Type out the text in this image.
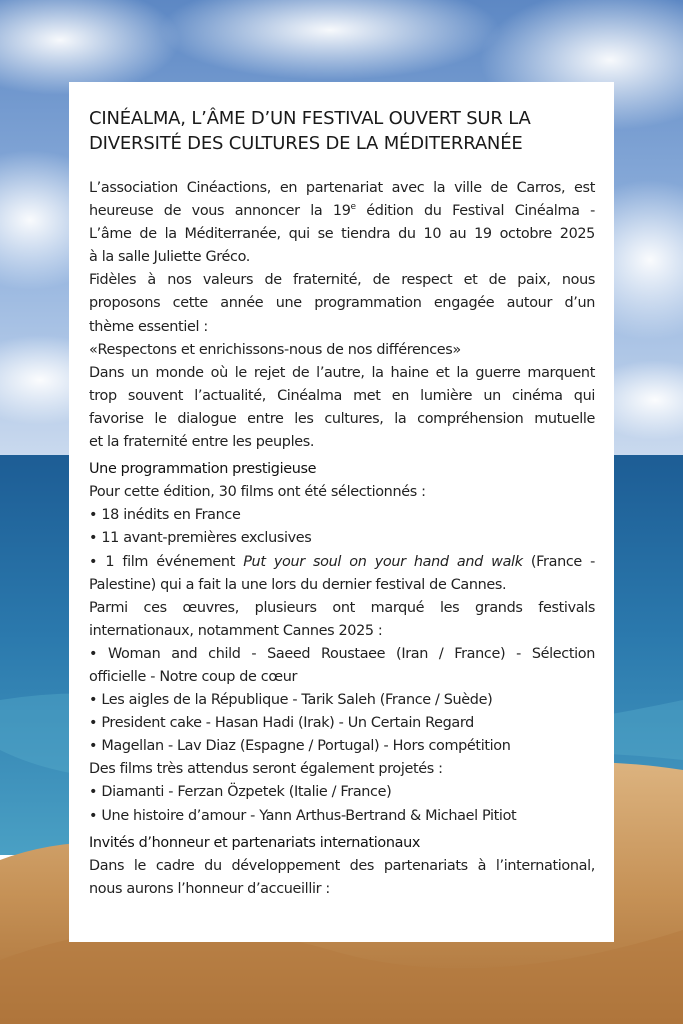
CINÉALMA, L’ÂME D’UN FESTIVAL OUVERT SUR LA
DIVERSITÉ DES CULTURES DE LA MÉDITERRANÉE
L’association Cinéactions, en partenariat avec la ville de Carros, est
heureuse de vous annoncer la 19e édition du Festival Cinéalma -
L’âme de la Méditerranée, qui se tiendra du 10 au 19 octobre 2025
à la salle Juliette Gréco.
Fidèles à nos valeurs de fraternité, de respect et de paix, nous
proposons cette année une programmation engagée autour d’un
thème essentiel :
«Respectons et enrichissons-nous de nos différences»
Dans un monde où le rejet de l’autre, la haine et la guerre marquent
trop souvent l’actualité, Cinéalma met en lumière un cinéma qui
favorise le dialogue entre les cultures, la compréhension mutuelle
et la fraternité entre les peuples.
Une programmation prestigieuse
Pour cette édition, 30 films ont été sélectionnés :
• 18 inédits en France
• 11 avant-premières exclusives
• 1 film événement Put your soul on your hand and walk (France -
Palestine) qui a fait la une lors du dernier festival de Cannes.
Parmi ces œuvres, plusieurs ont marqué les grands festivals
internationaux, notamment Cannes 2025 :
• Woman and child - Saeed Roustaee (Iran / France) - Sélection
officielle - Notre coup de cœur
• Les aigles de la République - Tarik Saleh (France / Suède)
• President cake - Hasan Hadi (Irak) - Un Certain Regard
• Magellan - Lav Diaz (Espagne / Portugal) - Hors compétition
Des films très attendus seront également projetés :
• Diamanti - Ferzan Özpetek (Italie / France)
• Une histoire d’amour - Yann Arthus-Bertrand & Michael Pitiot
Invités d’honneur et partenariats internationaux
Dans le cadre du développement des partenariats à l’international,
nous aurons l’honneur d’accueillir :
